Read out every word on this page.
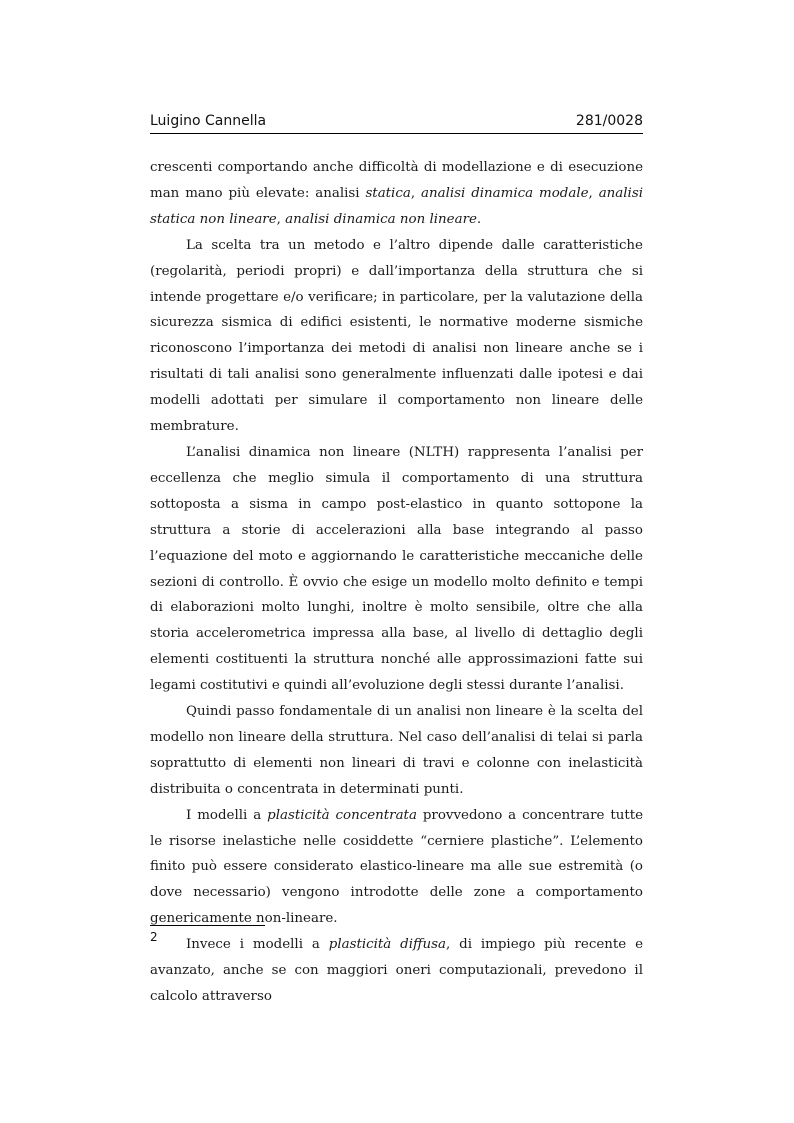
Luigino Cannella	281/0028

crescenti comportando anche difficoltà di modellazione e di esecuzione man mano più elevate: analisi statica, analisi dinamica modale, analisi statica non lineare, analisi dinamica non lineare.

La scelta tra un metodo e l’altro dipende dalle caratteristiche (regolarità, periodi propri) e dall’importanza della struttura che si intende progettare e/o verificare; in particolare, per la valutazione della sicurezza sismica di edifici esistenti, le normative moderne sismiche riconoscono l’importanza dei metodi di analisi non lineare anche se i risultati di tali analisi sono generalmente influenzati dalle ipotesi e dai modelli adottati per simulare il comportamento non lineare delle membrature.

L’analisi dinamica non lineare (NLTH) rappresenta l’analisi per eccellenza che meglio simula il comportamento di una struttura sottoposta a sisma in campo post-elastico in quanto sottopone la struttura a storie di accelerazioni alla base integrando al passo l’equazione del moto e aggiornando le caratteristiche meccaniche delle sezioni di controllo. È ovvio che esige un modello molto definito e tempi di elaborazioni molto lunghi, inoltre è molto sensibile, oltre che alla storia accelerometrica impressa alla base, al livello di dettaglio degli elementi costituenti la struttura nonché alle approssimazioni fatte sui legami costitutivi e quindi all’evoluzione degli stessi durante l’analisi.

Quindi passo fondamentale di un analisi non lineare è la scelta del modello non lineare della struttura. Nel caso dell’analisi di telai si parla soprattutto di elementi non lineari di travi e colonne con inelasticità distribuita o concentrata in determinati punti.

I modelli a plasticità concentrata provvedono a concentrare tutte le risorse inelastiche nelle cosiddette “cerniere plastiche”. L’elemento finito può essere considerato elastico-lineare ma alle sue estremità (o dove necessario) vengono introdotte delle zone a comportamento genericamente non-lineare.

Invece i modelli a plasticità diffusa, di impiego più recente e avanzato, anche se con maggiori oneri computazionali, prevedono il calcolo attraverso

2
